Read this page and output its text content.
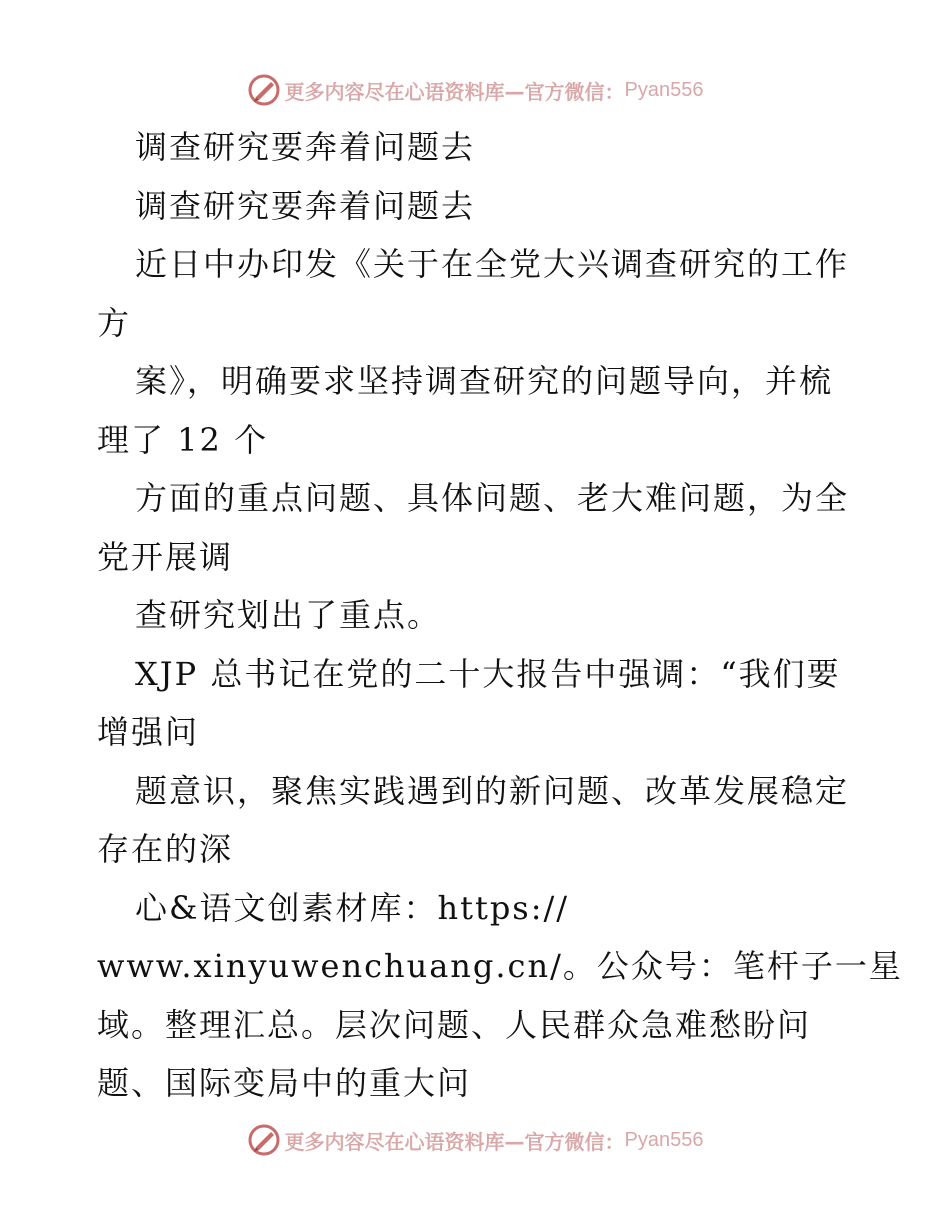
更多内容尽在心语资料库—官方微信： Pyan556
调查研究要奔着问题去
调查研究要奔着问题去
近日中办印发《关于在全党大兴调查研究的工作
方
案》，明确要求坚持调查研究的问题导向，并梳
理了 12 个
方面的重点问题、具体问题、老大难问题，为全
党开展调
查研究划出了重点。
XJP 总书记在党的二十大报告中强调：“我们要
增强问
题意识，聚焦实践遇到的新问题、改革发展稳定
存在的深
心&语文创素材库：https://
www.xinyuwenchuang.cn/。公众号：笔杆子一星
域。整理汇总。层次问题、人民群众急难愁盼问
题、国际变局中的重大问
更多内容尽在心语资料库—官方微信： Pyan556
